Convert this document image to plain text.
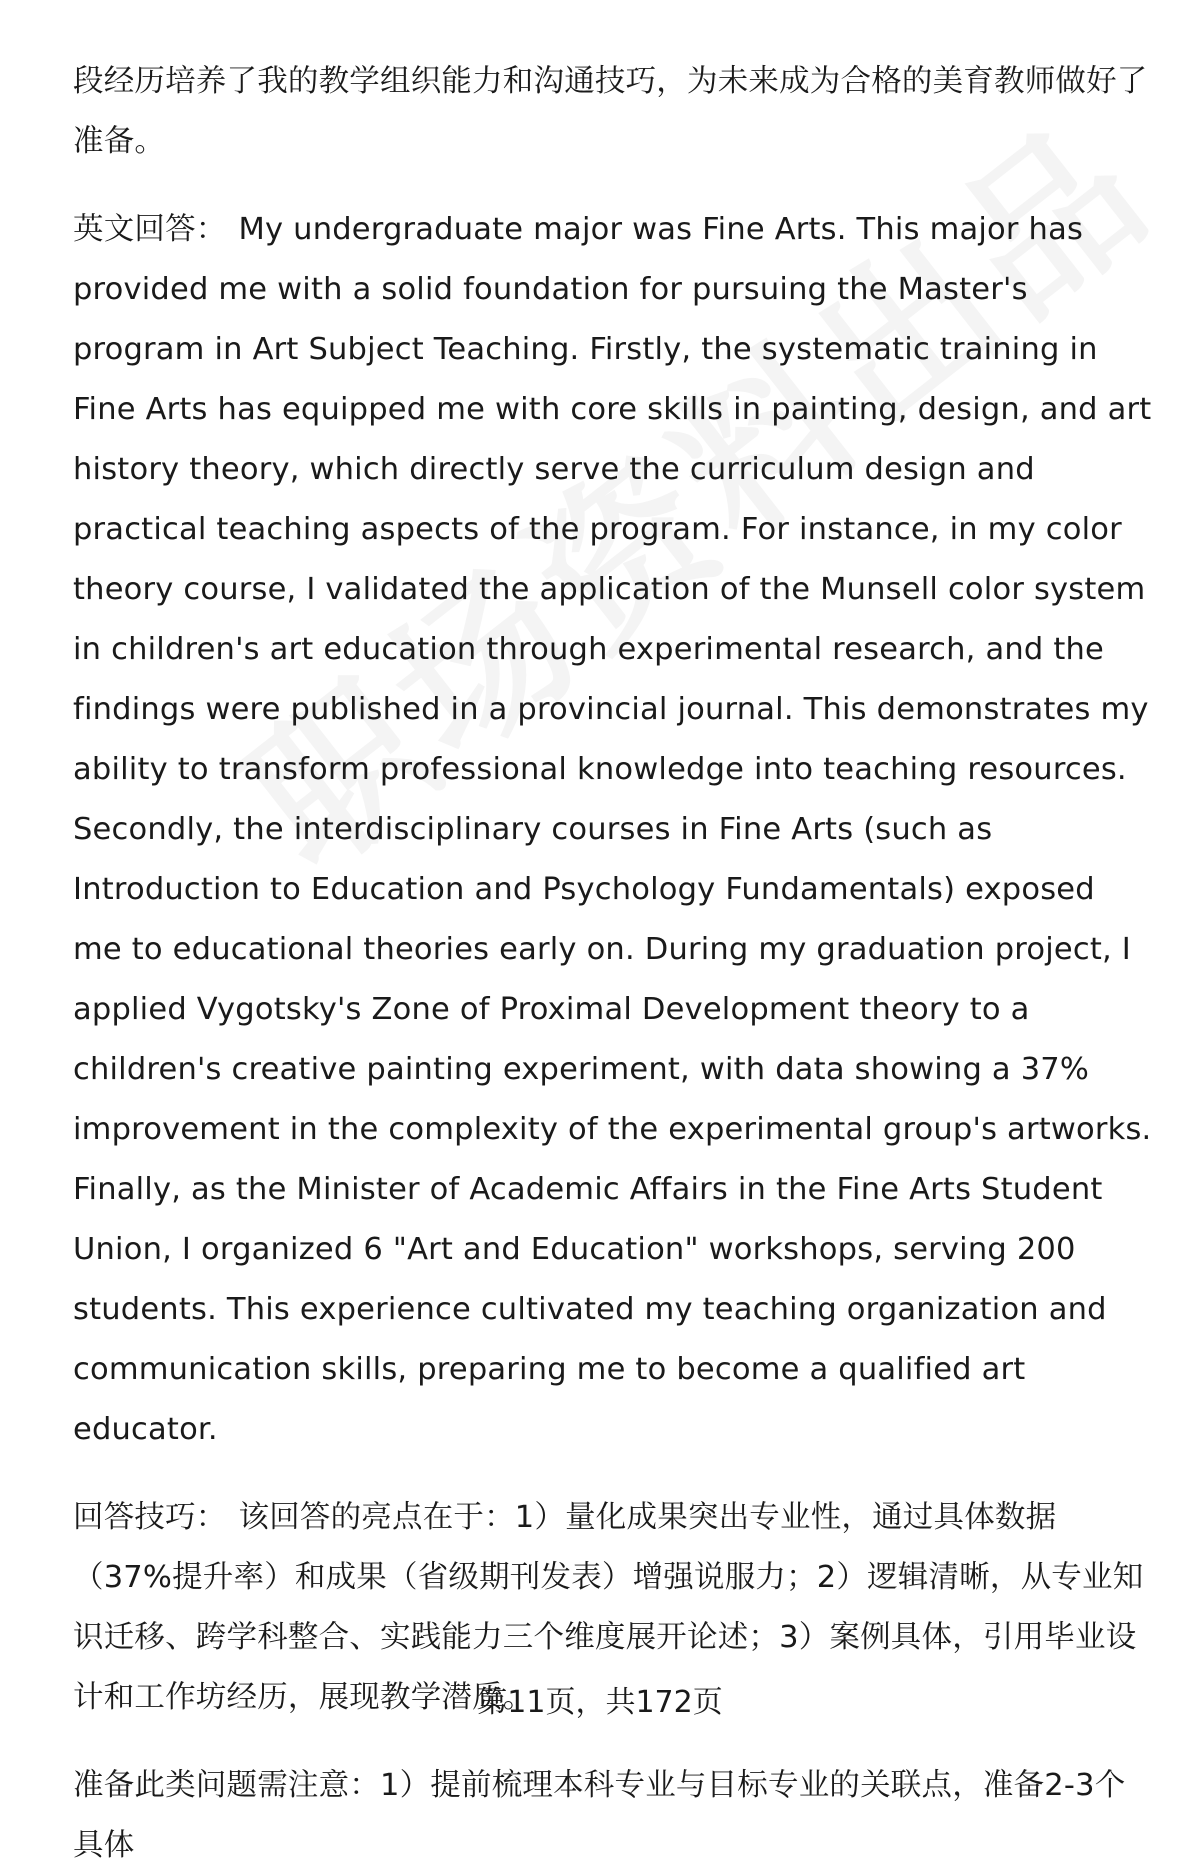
段经历培养了我的教学组织能力和沟通技巧，为未来成为合格的美育教师做好了准备。

英文回答： My undergraduate major was Fine Arts. This major has provided me with a solid foundation for pursuing the Master's program in Art Subject Teaching. Firstly, the systematic training in Fine Arts has equipped me with core skills in painting, design, and art history theory, which directly serve the curriculum design and practical teaching aspects of the program. For instance, in my color theory course, I validated the application of the Munsell color system in children's art education through experimental research, and the findings were published in a provincial journal. This demonstrates my ability to transform professional knowledge into teaching resources. Secondly, the interdisciplinary courses in Fine Arts (such as Introduction to Education and Psychology Fundamentals) exposed me to educational theories early on. During my graduation project, I applied Vygotsky's Zone of Proximal Development theory to a children's creative painting experiment, with data showing a 37% improvement in the complexity of the experimental group's artworks. Finally, as the Minister of Academic Affairs in the Fine Arts Student Union, I organized 6 "Art and Education" workshops, serving 200 students. This experience cultivated my teaching organization and communication skills, preparing me to become a qualified art educator.

回答技巧： 该回答的亮点在于：1）量化成果突出专业性，通过具体数据（37%提升率）和成果（省级期刊发表）增强说服力；2）逻辑清晰，从专业知识迁移、跨学科整合、实践能力三个维度展开论述；3）案例具体，引用毕业设计和工作坊经历，展现教学潜质。

准备此类问题需注意：1）提前梳理本科专业与目标专业的关联点，准备2-3个具体

第11页，共172页
